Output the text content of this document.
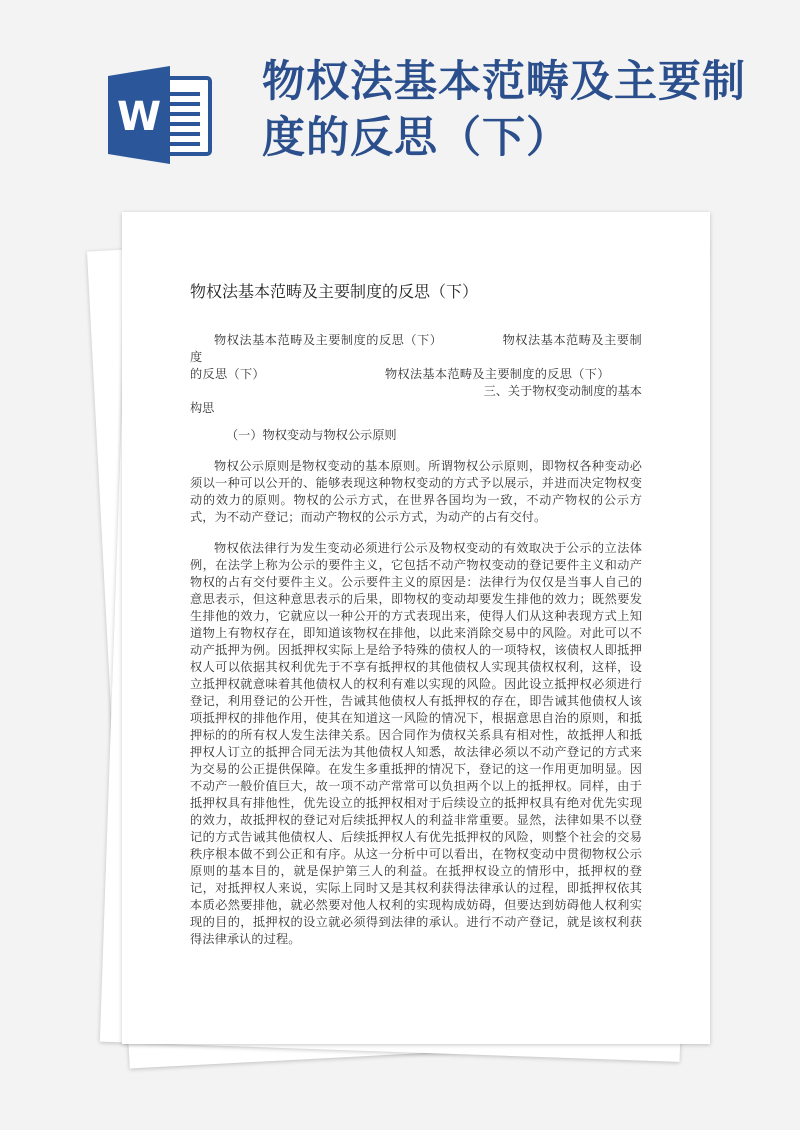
W
物权法基本范畴及主要制度的反思（下）
物权法基本范畴及主要制度的反思（下）

物权法基本范畴及主要制度的反思（下）	物权法基本范畴及主要制度

的反思（下）	物权法基本范畴及主要制度的反思（下）

三、关于物权变动制度的基本

构思

（一）物权变动与物权公示原则

物权公示原则是物权变动的基本原则。所谓物权公示原则，即物权各种变动必须以一种可以公开的、能够表现这种物权变动的方式予以展示，并进而决定物权变动的效力的原则。物权的公示方式，在世界各国均为一致，不动产物权的公示方式，为不动产登记；而动产物权的公示方式，为动产的占有交付。

物权依法律行为发生变动必须进行公示及物权变动的有效取决于公示的立法体例，在法学上称为公示的要件主义，它包括不动产物权变动的登记要件主义和动产物权的占有交付要件主义。公示要件主义的原因是：法律行为仅仅是当事人自己的意思表示，但这种意思表示的后果，即物权的变动却要发生排他的效力；既然要发生排他的效力，它就应以一种公开的方式表现出来，使得人们从这种表现方式上知道物上有物权存在，即知道该物权在排他，以此来消除交易中的风险。对此可以不动产抵押为例。因抵押权实际上是给予特殊的债权人的一项特权，该债权人即抵押权人可以依据其权利优先于不享有抵押权的其他债权人实现其债权权利，这样，设立抵押权就意味着其他债权人的权利有难以实现的风险。因此设立抵押权必须进行登记，利用登记的公开性，告诫其他债权人有抵押权的存在，即告诫其他债权人该项抵押权的排他作用，使其在知道这一风险的情况下，根据意思自治的原则，和抵押标的的所有权人发生法律关系。因合同作为债权关系具有相对性，故抵押人和抵押权人订立的抵押合同无法为其他债权人知悉，故法律必须以不动产登记的方式来为交易的公正提供保障。在发生多重抵押的情况下，登记的这一作用更加明显。因不动产一般价值巨大，故一项不动产常常可以负担两个以上的抵押权。同样，由于抵押权具有排他性，优先设立的抵押权相对于后续设立的抵押权具有绝对优先实现的效力，故抵押权的登记对后续抵押权人的利益非常重要。显然，法律如果不以登记的方式告诫其他债权人、后续抵押权人有优先抵押权的风险，则整个社会的交易秩序根本做不到公正和有序。从这一分析中可以看出，在物权变动中贯彻物权公示原则的基本目的，就是保护第三人的利益。在抵押权设立的情形中，抵押权的登记，对抵押权人来说，实际上同时又是其权利获得法律承认的过程，即抵押权依其本质必然要排他，就必然要对他人权利的实现构成妨碍，但要达到妨碍他人权利实现的目的，抵押权的设立就必须得到法律的承认。进行不动产登记，就是该权利获得法律承认的过程。
